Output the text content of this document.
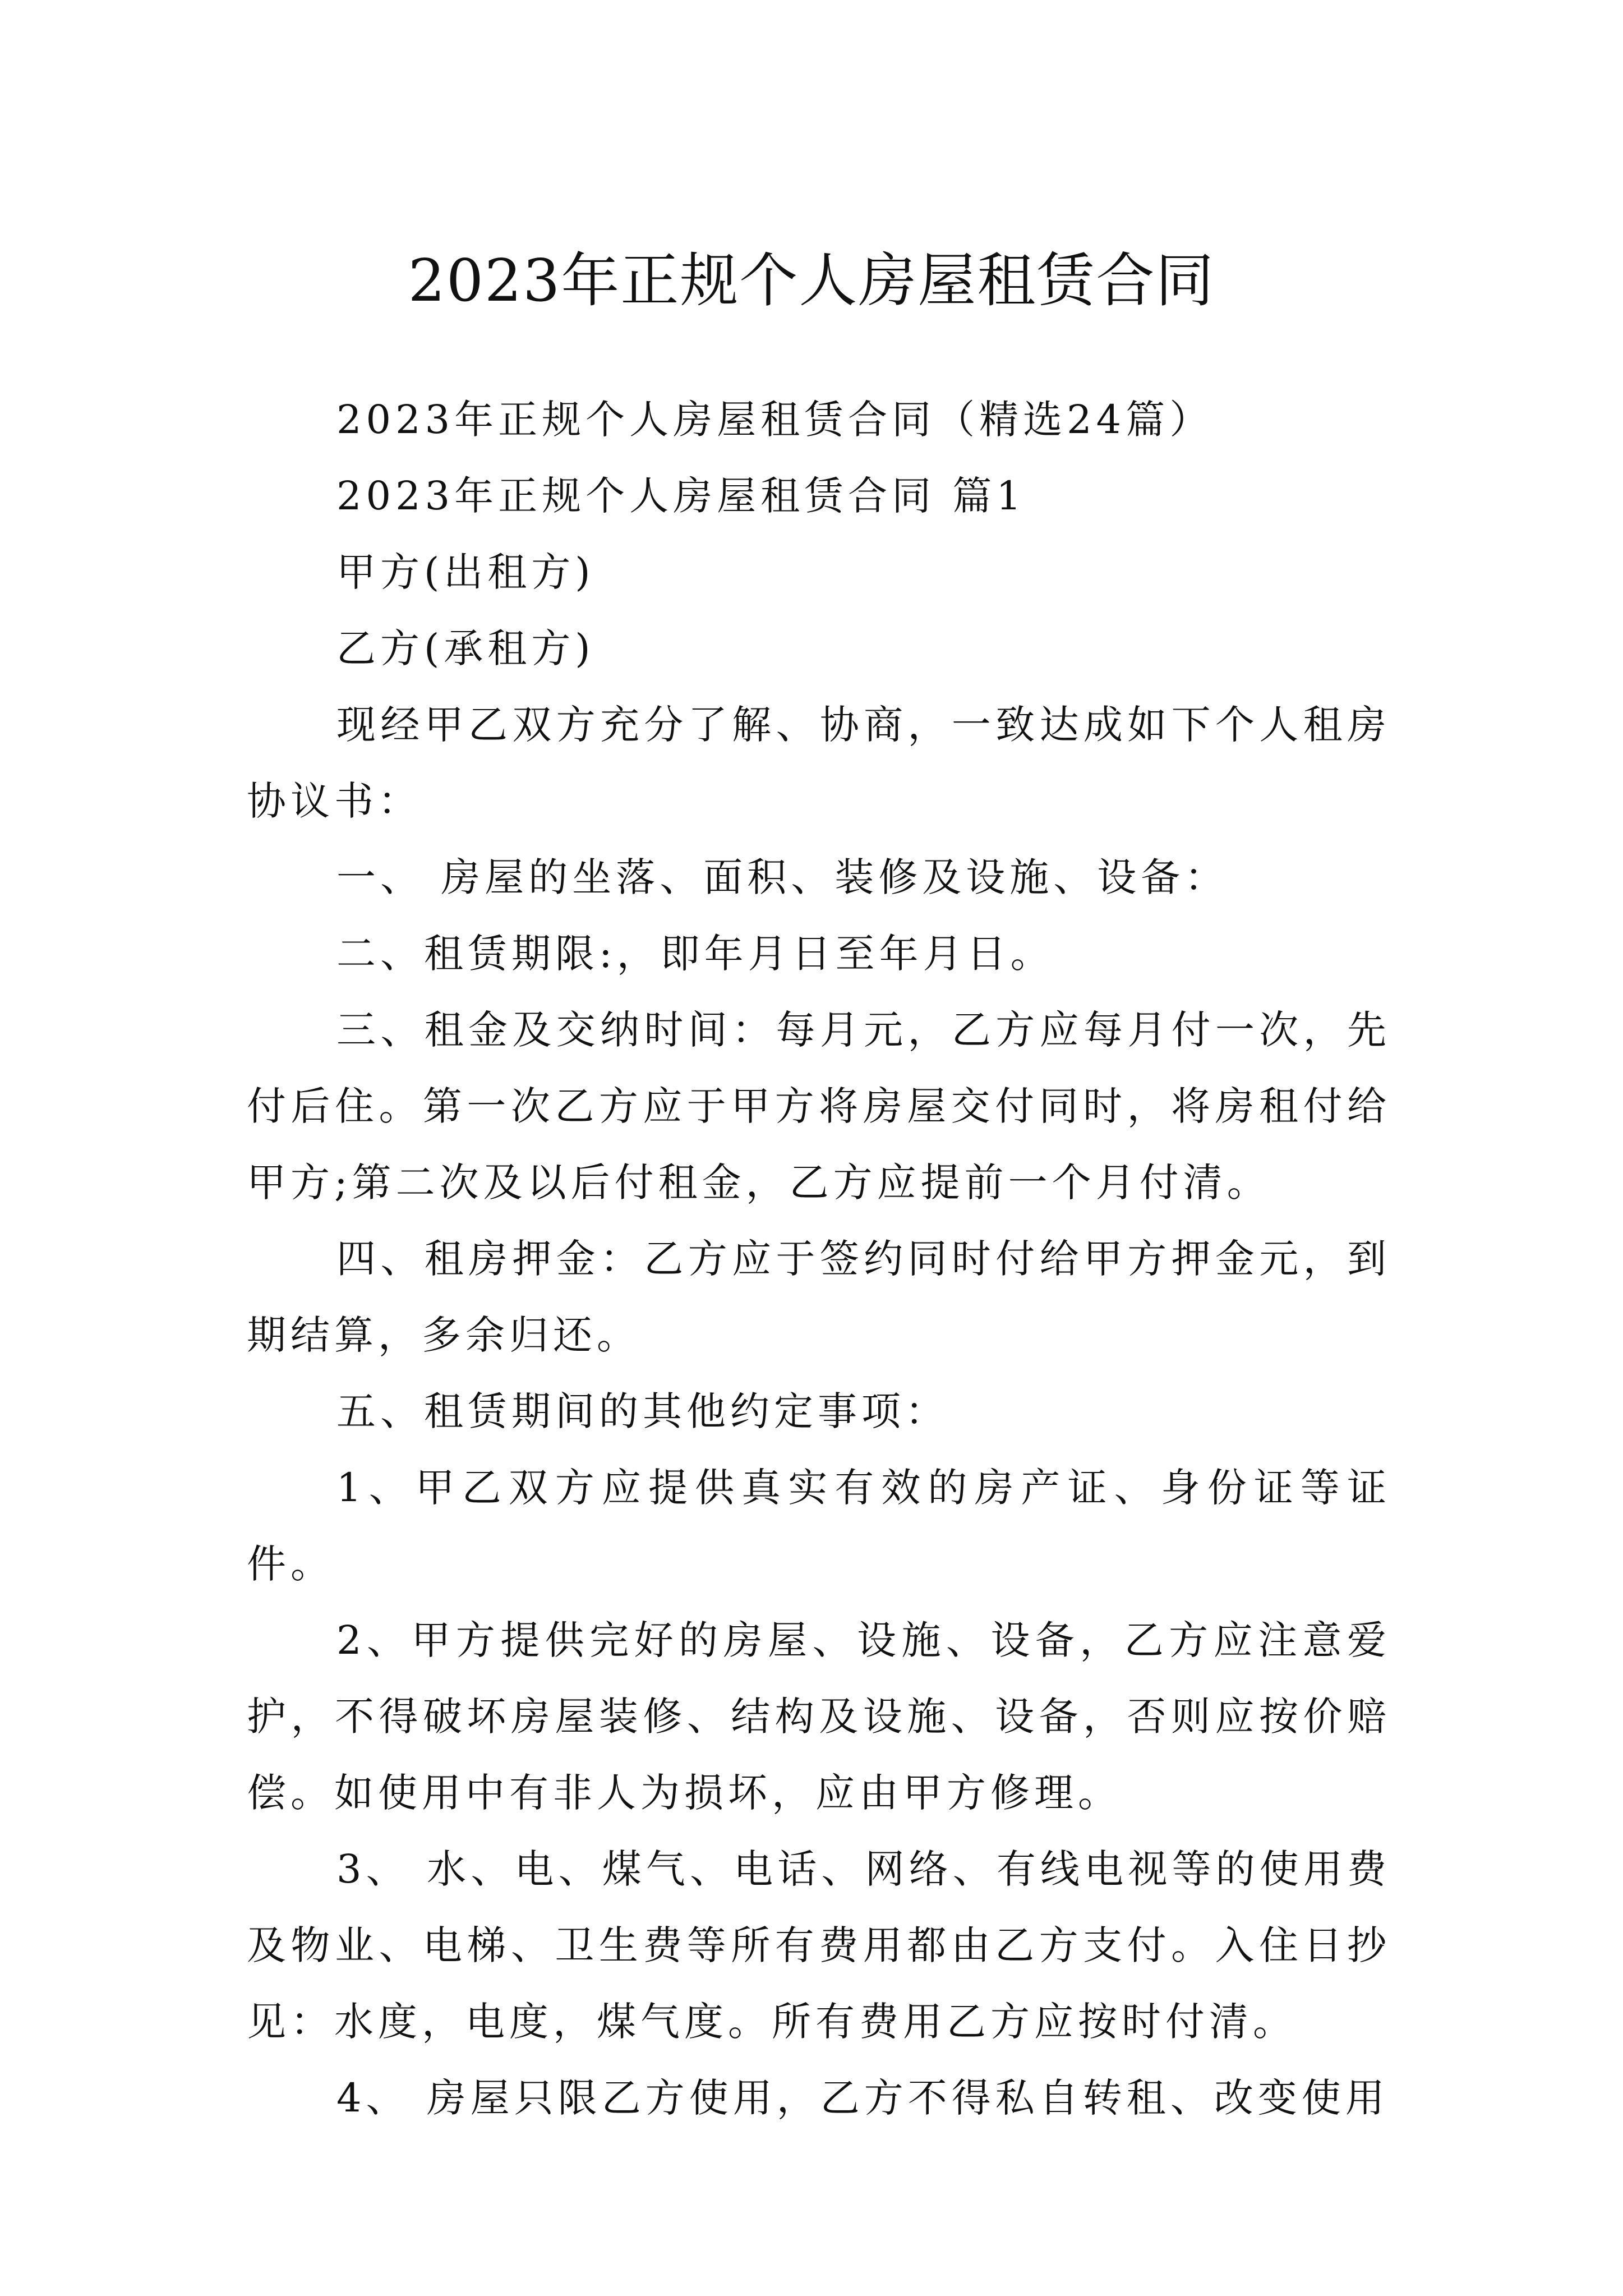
2023年正规个人房屋租赁合同

2023年正规个人房屋租赁合同（精选24篇）

2023年正规个人房屋租赁合同 篇1

甲方(出租方)

乙方(承租方)

现经甲乙双方充分了解、协商，一致达成如下个人租房协议书：

一、 房屋的坐落、面积、装修及设施、设备：

二、租赁期限:，即年月日至年月日。

三、租金及交纳时间：每月元，乙方应每月付一次，先付后住。第一次乙方应于甲方将房屋交付同时，将房租付给甲方;第二次及以后付租金，乙方应提前一个月付清。

四、租房押金：乙方应于签约同时付给甲方押金元，到期结算，多余归还。

五、租赁期间的其他约定事项：

1、甲乙双方应提供真实有效的房产证、身份证等证件。

2、甲方提供完好的房屋、设施、设备，乙方应注意爱护，不得破坏房屋装修、结构及设施、设备，否则应按价赔偿。如使用中有非人为损坏，应由甲方修理。

3、 水、电、煤气、电话、网络、有线电视等的使用费及物业、电梯、卫生费等所有费用都由乙方支付。入住日抄见：水度，电度，煤气度。所有费用乙方应按时付清。

4、 房屋只限乙方使用，乙方不得私自转租、改变使用
